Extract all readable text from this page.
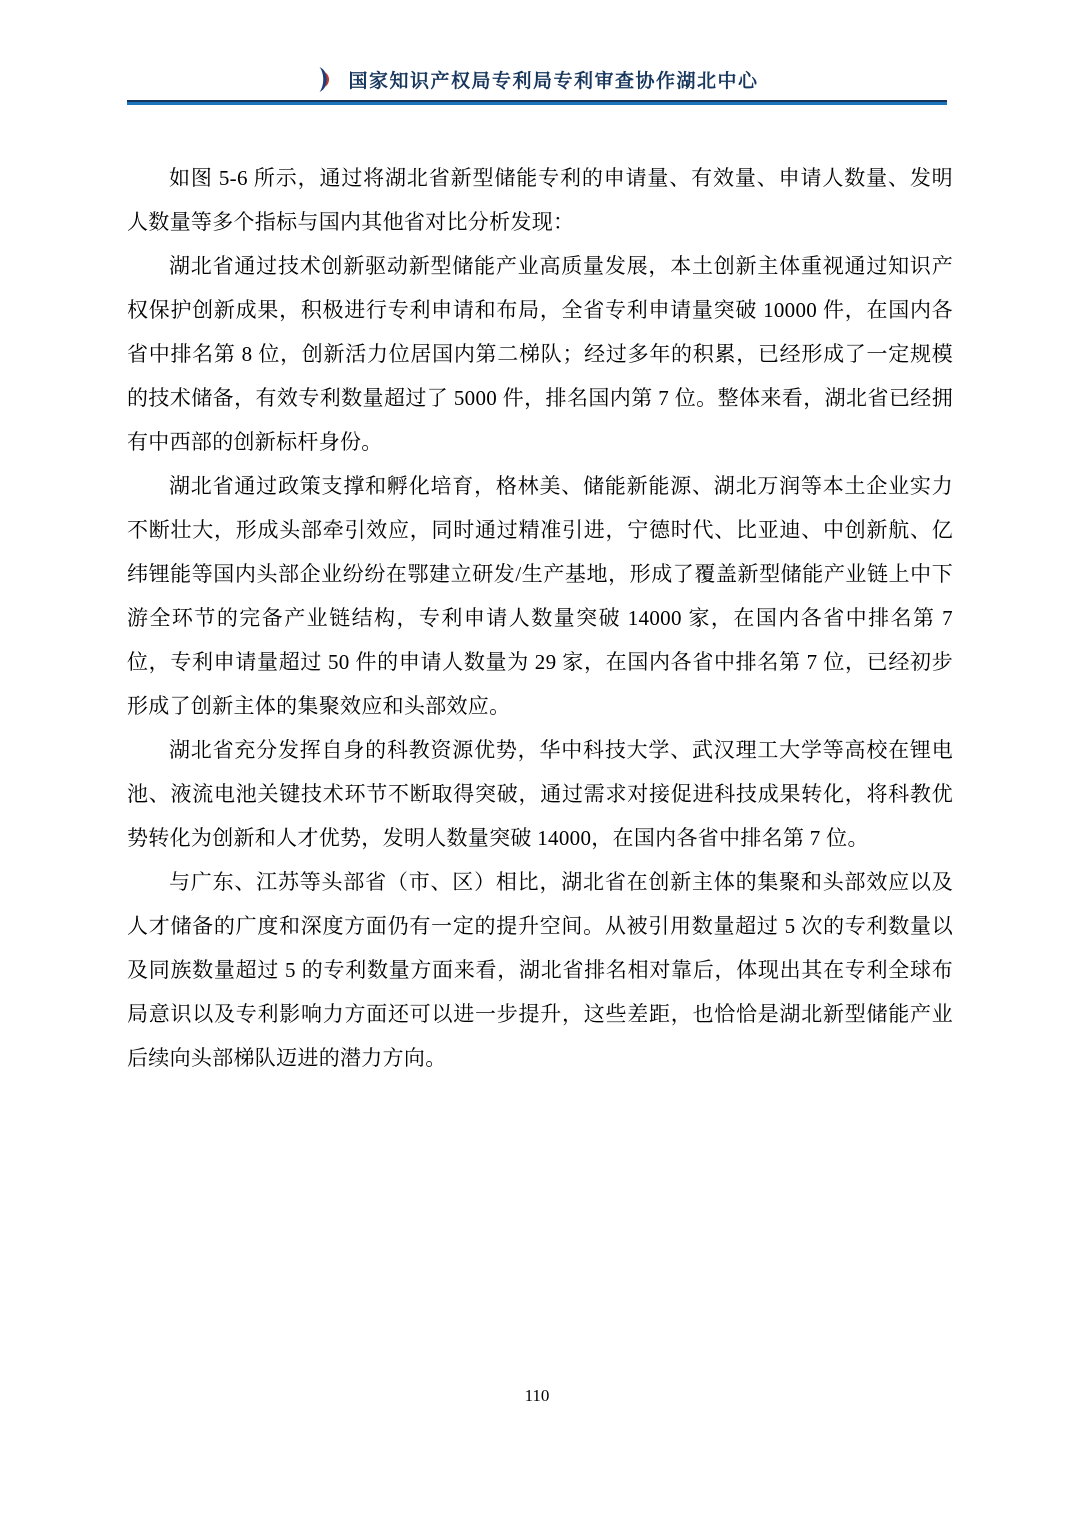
国家知识产权局专利局专利审查协作湖北中心

如图 5-6 所示，通过将湖北省新型储能专利的申请量、有效量、申请人数量、发明人数量等多个指标与国内其他省对比分析发现：

湖北省通过技术创新驱动新型储能产业高质量发展，本土创新主体重视通过知识产权保护创新成果，积极进行专利申请和布局，全省专利申请量突破 10000 件，在国内各省中排名第 8 位，创新活力位居国内第二梯队；经过多年的积累，已经形成了一定规模的技术储备，有效专利数量超过了 5000 件，排名国内第 7 位。整体来看，湖北省已经拥有中西部的创新标杆身份。

湖北省通过政策支撑和孵化培育，格林美、储能新能源、湖北万润等本土企业实力不断壮大，形成头部牵引效应，同时通过精准引进，宁德时代、比亚迪、中创新航、亿纬锂能等国内头部企业纷纷在鄂建立研发/生产基地，形成了覆盖新型储能产业链上中下游全环节的完备产业链结构，专利申请人数量突破 14000 家，在国内各省中排名第 7 位，专利申请量超过 50 件的申请人数量为 29 家，在国内各省中排名第 7 位，已经初步形成了创新主体的集聚效应和头部效应。

湖北省充分发挥自身的科教资源优势，华中科技大学、武汉理工大学等高校在锂电池、液流电池关键技术环节不断取得突破，通过需求对接促进科技成果转化，将科教优势转化为创新和人才优势，发明人数量突破 14000，在国内各省中排名第 7 位。

与广东、江苏等头部省（市、区）相比，湖北省在创新主体的集聚和头部效应以及人才储备的广度和深度方面仍有一定的提升空间。从被引用数量超过 5 次的专利数量以及同族数量超过 5 的专利数量方面来看，湖北省排名相对靠后，体现出其在专利全球布局意识以及专利影响力方面还可以进一步提升，这些差距，也恰恰是湖北新型储能产业后续向头部梯队迈进的潜力方向。

110
